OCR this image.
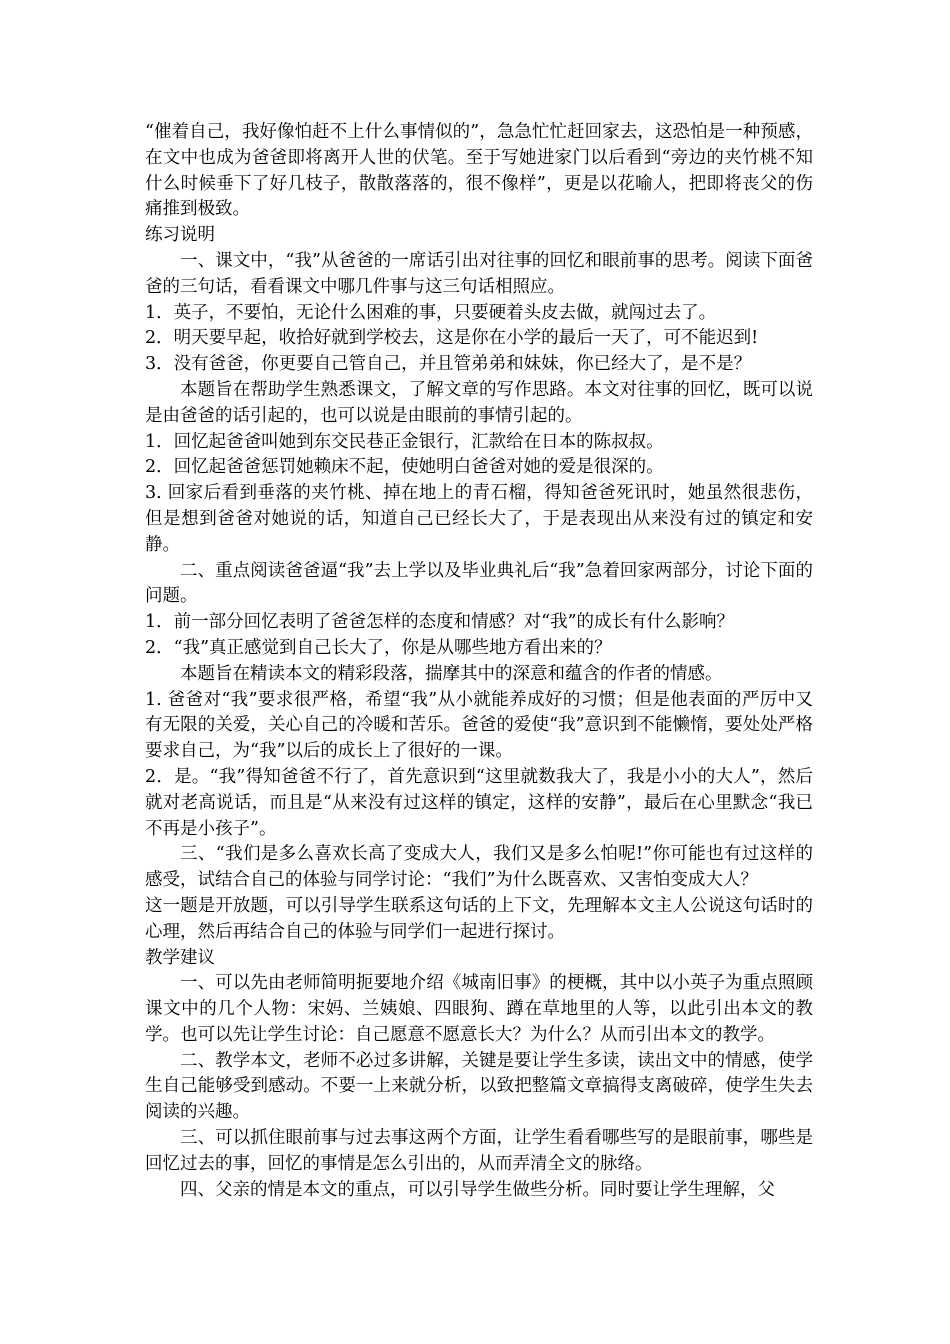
“催着自己，我好像怕赶不上什么事情似的”，急急忙忙赶回家去，这恐怕是一种预感，在文中也成为爸爸即将离开人世的伏笔。至于写她进家门以后看到“旁边的夹竹桃不知什么时候垂下了好几枝子，散散落落的，很不像样”，更是以花喻人，把即将丧父的伤痛推到极致。

练习说明

一、课文中，“我”从爸爸的一席话引出对往事的回忆和眼前事的思考。阅读下面爸爸的三句话，看看课文中哪几件事与这三句话相照应。

1．英子，不要怕，无论什么困难的事，只要硬着头皮去做，就闯过去了。

2．明天要早起，收拾好就到学校去，这是你在小学的最后一天了，可不能迟到!

3．没有爸爸，你更要自己管自己，并且管弟弟和妹妹，你已经大了，是不是？

本题旨在帮助学生熟悉课文，了解文章的写作思路。本文对往事的回忆，既可以说是由爸爸的话引起的，也可以说是由眼前的事情引起的。

1．回忆起爸爸叫她到东交民巷正金银行，汇款给在日本的陈叔叔。

2．回忆起爸爸惩罚她赖床不起，使她明白爸爸对她的爱是很深的。

3. 回家后看到垂落的夹竹桃、掉在地上的青石榴，得知爸爸死讯时，她虽然很悲伤，但是想到爸爸对她说的话，知道自己已经长大了，于是表现出从来没有过的镇定和安静。

二、重点阅读爸爸逼“我”去上学以及毕业典礼后“我”急着回家两部分，讨论下面的问题。

1．前一部分回忆表明了爸爸怎样的态度和情感？对“我”的成长有什么影响？

2．“我”真正感觉到自己长大了，你是从哪些地方看出来的？

本题旨在精读本文的精彩段落，揣摩其中的深意和蕴含的作者的情感。

1. 爸爸对“我”要求很严格，希望“我”从小就能养成好的习惯；但是他表面的严厉中又有无限的关爱，关心自己的冷暖和苦乐。爸爸的爱使“我”意识到不能懒惰，要处处严格要求自己，为“我”以后的成长上了很好的一课。

2．是。“我”得知爸爸不行了，首先意识到“这里就数我大了，我是小小的大人”，然后就对老高说话，而且是“从来没有过这样的镇定，这样的安静”，最后在心里默念“我已不再是小孩子”。

三、“我们是多么喜欢长高了变成大人，我们又是多么怕呢!”你可能也有过这样的感受，试结合自己的体验与同学讨论：“我们”为什么既喜欢、又害怕变成大人？

这一题是开放题，可以引导学生联系这句话的上下文，先理解本文主人公说这句话时的心理，然后再结合自己的体验与同学们一起进行探讨。

教学建议

一、可以先由老师简明扼要地介绍《城南旧事》的梗概，其中以小英子为重点照顾课文中的几个人物：宋妈、兰姨娘、四眼狗、蹲在草地里的人等，以此引出本文的教学。也可以先让学生讨论：自己愿意不愿意长大？为什么？从而引出本文的教学。

二、教学本文，老师不必过多讲解，关键是要让学生多读，读出文中的情感，使学生自己能够受到感动。不要一上来就分析，以致把整篇文章搞得支离破碎，使学生失去阅读的兴趣。

三、可以抓住眼前事与过去事这两个方面，让学生看看哪些写的是眼前事，哪些是回忆过去的事，回忆的事情是怎么引出的，从而弄清全文的脉络。

四、父亲的情是本文的重点，可以引导学生做些分析。同时要让学生理解，父
